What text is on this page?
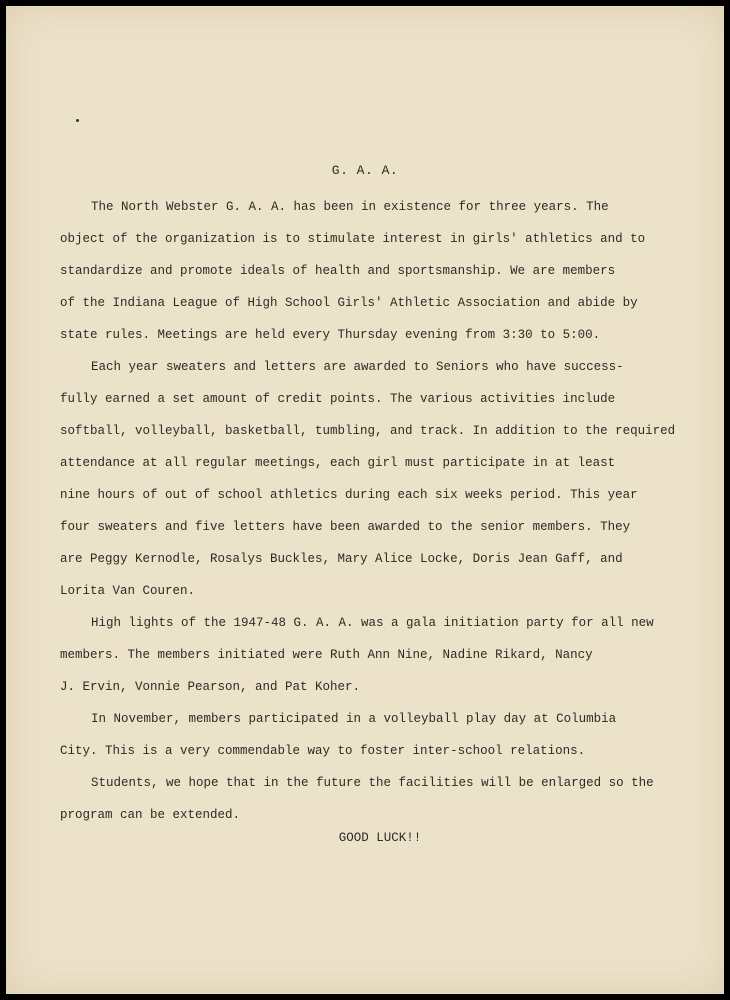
G. A. A.

The North Webster G. A. A. has been in existence for three years. The
object of the organization is to stimulate interest in girls' athletics and to
standardize and promote ideals of health and sportsmanship. We are members
of the Indiana League of High School Girls' Athletic Association and abide by
state rules. Meetings are held every Thursday evening from 3:30 to 5:00.

Each year sweaters and letters are awarded to Seniors who have success-
fully earned a set amount of credit points. The various activities include
softball, volleyball, basketball, tumbling, and track. In addition to the required
attendance at all regular meetings, each girl must participate in at least
nine hours of out of school athletics during each six weeks period. This year
four sweaters and five letters have been awarded to the senior members. They
are Peggy Kernodle, Rosalys Buckles, Mary Alice Locke, Doris Jean Gaff, and
Lorita Van Couren.

High lights of the 1947-48 G. A. A. was a gala initiation party for all new
members. The members initiated were Ruth Ann Nine, Nadine Rikard, Nancy
J. Ervin, Vonnie Pearson, and Pat Koher.

In November, members participated in a volleyball play day at Columbia
City. This is a very commendable way to foster inter-school relations.

Students, we hope that in the future the facilities will be enlarged so the
program can be extended.

GOOD LUCK!!
